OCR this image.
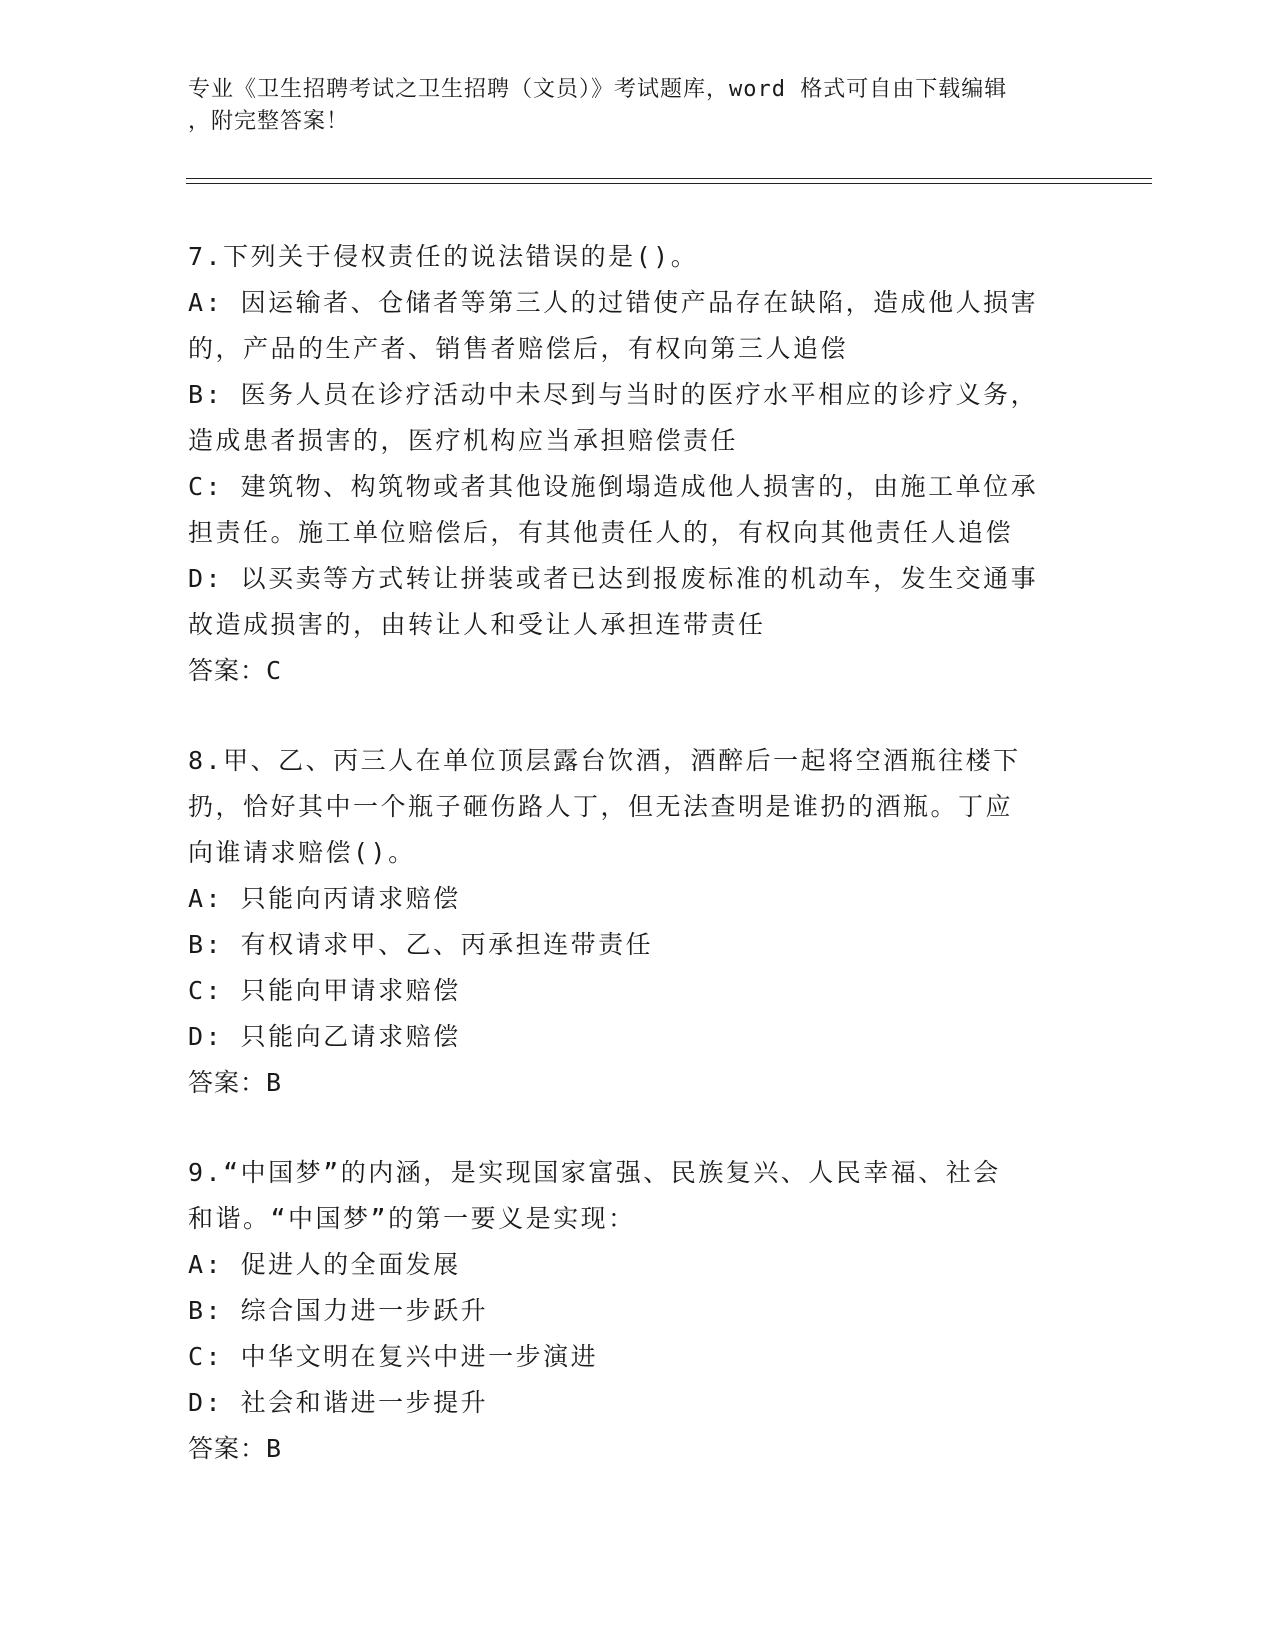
专业《卫生招聘考试之卫生招聘（文员）》考试题库，word 格式可自由下载编辑
，附完整答案！
7.下列关于侵权责任的说法错误的是()。
A: 因运输者、仓储者等第三人的过错使产品存在缺陷，造成他人损害
的，产品的生产者、销售者赔偿后，有权向第三人追偿
B: 医务人员在诊疗活动中未尽到与当时的医疗水平相应的诊疗义务，
造成患者损害的，医疗机构应当承担赔偿责任
C: 建筑物、构筑物或者其他设施倒塌造成他人损害的，由施工单位承
担责任。施工单位赔偿后，有其他责任人的，有权向其他责任人追偿
D: 以买卖等方式转让拼装或者已达到报废标准的机动车，发生交通事
故造成损害的，由转让人和受让人承担连带责任
答案：C
8.甲、乙、丙三人在单位顶层露台饮酒，酒醉后一起将空酒瓶往楼下
扔，恰好其中一个瓶子砸伤路人丁，但无法查明是谁扔的酒瓶。丁应
向谁请求赔偿()。
A: 只能向丙请求赔偿
B: 有权请求甲、乙、丙承担连带责任
C: 只能向甲请求赔偿
D: 只能向乙请求赔偿
答案：B
9.“中国梦”的内涵，是实现国家富强、民族复兴、人民幸福、社会
和谐。“中国梦”的第一要义是实现：
A: 促进人的全面发展
B: 综合国力进一步跃升
C: 中华文明在复兴中进一步演进
D: 社会和谐进一步提升
答案：B
